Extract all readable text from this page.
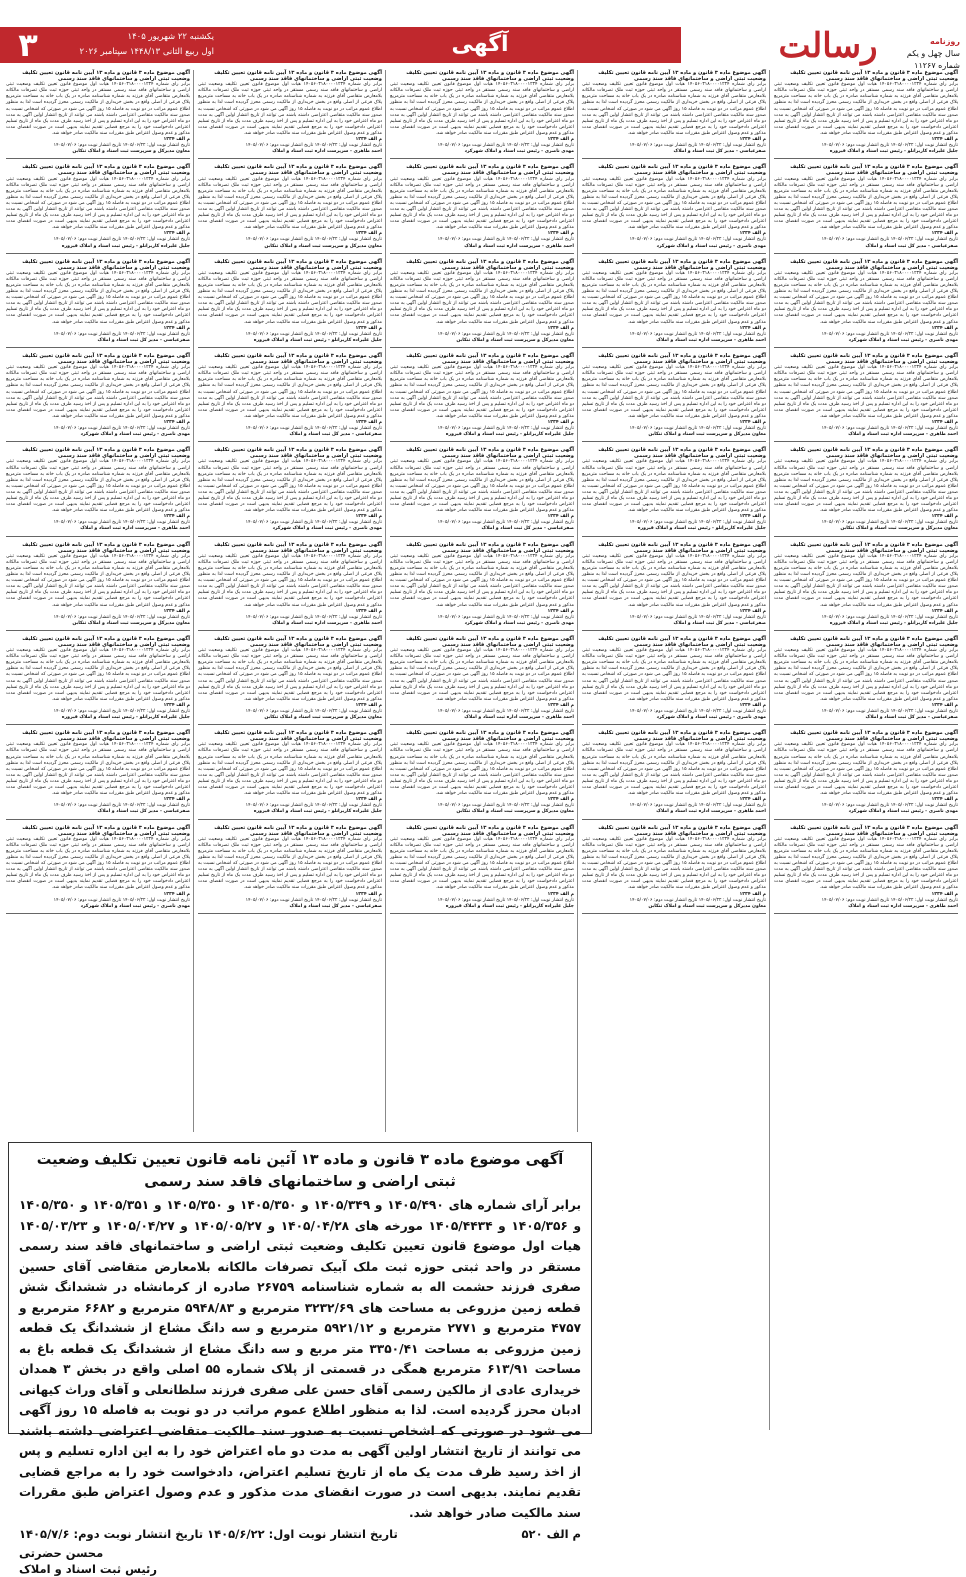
رسالت	روزنامه
سال چهل و یکم
شماره ۱۱۲۶۷
آگهی
یکشنبه ۲۲ شهریور ۱۴۰۵
اول ربیع الثانی ۱۴۴۸/۱۳ سپتامبر ۲۰۲۶
۳
آگهی موضوع ماده ۳ قانون و ماده ۱۳ آیین نامه قانون تعیین تکلیف وضعیت ثبتی اراضی و ساختمانهای فاقد سند رسمی
برابر رای شماره ۱۴۰۵۶۰۳۱۸۰۰۰۰۱۲۳۴ هیات اول موضوع قانون تعیین تکلیف وضعیت ثبتی اراضی و ساختمانهای فاقد سند رسمی مستقر در واحد ثبتی حوزه ثبت ملک تصرفات مالکانه بلامعارض متقاضی آقای فرزند به شماره شناسنامه صادره در یک باب خانه به مساحت مترمربع پلاک فرعی از اصلی واقع در بخش خریداری از مالکیت رسمی محرز گردیده است لذا به منظور اطلاع عموم مراتب در دو نوبت به فاصله ۱۵ روز آگهی می شود در صورتی که اشخاص نسبت به صدور سند مالکیت متقاضی اعتراضی داشته باشند می توانند از تاریخ انتشار اولین آگهی به مدت دو ماه اعتراض خود را به این اداره تسلیم و پس از اخذ رسید ظرف مدت یک ماه از تاریخ تسلیم اعتراض دادخواست خود را به مرجع قضایی تقدیم نمایند بدیهی است در صورت انقضای مدت مذکور و عدم وصول اعتراض طبق مقررات سند مالکیت صادر خواهد شد.
م الف ۱۲۳۴
تاریخ انتشار نوبت اول: ۱۴۰۵/۰۶/۲۲ تاریخ انتشار نوبت دوم: ۱۴۰۵/۰۷/۰۶
جلیل علیزاده کاریزانلو - رئیس ثبت اسناد و املاک فیروزه
آگهی موضوع ماده ۳ قانون و ماده ۱۳ آیین نامه قانون تعیین تکلیف وضعیت ثبتی اراضی و ساختمانهای فاقد سند رسمی
برابر رای شماره ۱۴۰۵۶۰۳۱۸۰۰۰۰۱۲۳۴ هیات اول موضوع قانون تعیین تکلیف وضعیت ثبتی اراضی و ساختمانهای فاقد سند رسمی مستقر در واحد ثبتی حوزه ثبت ملک تصرفات مالکانه بلامعارض متقاضی آقای فرزند به شماره شناسنامه صادره در یک باب خانه به مساحت مترمربع پلاک فرعی از اصلی واقع در بخش خریداری از مالکیت رسمی محرز گردیده است لذا به منظور اطلاع عموم مراتب در دو نوبت به فاصله ۱۵ روز آگهی می شود در صورتی که اشخاص نسبت به صدور سند مالکیت متقاضی اعتراضی داشته باشند می توانند از تاریخ انتشار اولین آگهی به مدت دو ماه اعتراض خود را به این اداره تسلیم و پس از اخذ رسید ظرف مدت یک ماه از تاریخ تسلیم اعتراض دادخواست خود را به مرجع قضایی تقدیم نمایند بدیهی است در صورت انقضای مدت مذکور و عدم وصول اعتراض طبق مقررات سند مالکیت صادر خواهد شد.
م الف ۱۲۳۴
تاریخ انتشار نوبت اول: ۱۴۰۵/۰۶/۲۲ تاریخ انتشار نوبت دوم: ۱۴۰۵/۰۷/۰۶
صفرعباسی - مدیر کل ثبت اسناد و املاک
آگهی موضوع ماده ۳ قانون و ماده ۱۳ آیین نامه قانون تعیین تکلیف وضعیت ثبتی اراضی و ساختمانهای فاقد سند رسمی
برابر رای شماره ۱۴۰۵۶۰۳۱۸۰۰۰۰۱۲۳۴ هیات اول موضوع قانون تعیین تکلیف وضعیت ثبتی اراضی و ساختمانهای فاقد سند رسمی مستقر در واحد ثبتی حوزه ثبت ملک تصرفات مالکانه بلامعارض متقاضی آقای فرزند به شماره شناسنامه صادره در یک باب خانه به مساحت مترمربع پلاک فرعی از اصلی واقع در بخش خریداری از مالکیت رسمی محرز گردیده است لذا به منظور اطلاع عموم مراتب در دو نوبت به فاصله ۱۵ روز آگهی می شود در صورتی که اشخاص نسبت به صدور سند مالکیت متقاضی اعتراضی داشته باشند می توانند از تاریخ انتشار اولین آگهی به مدت دو ماه اعتراض خود را به این اداره تسلیم و پس از اخذ رسید ظرف مدت یک ماه از تاریخ تسلیم اعتراض دادخواست خود را به مرجع قضایی تقدیم نمایند بدیهی است در صورت انقضای مدت مذکور و عدم وصول اعتراض طبق مقررات سند مالکیت صادر خواهد شد.
م الف ۱۲۳۴
تاریخ انتشار نوبت اول: ۱۴۰۵/۰۶/۲۲ تاریخ انتشار نوبت دوم: ۱۴۰۵/۰۷/۰۶
مهدی ناصری - رئیس ثبت اسناد و املاک شهرکرد
آگهی موضوع ماده ۳ قانون و ماده ۱۳ آیین نامه قانون تعیین تکلیف وضعیت ثبتی اراضی و ساختمانهای فاقد سند رسمی
برابر رای شماره ۱۴۰۵۶۰۳۱۸۰۰۰۰۱۲۳۴ هیات اول موضوع قانون تعیین تکلیف وضعیت ثبتی اراضی و ساختمانهای فاقد سند رسمی مستقر در واحد ثبتی حوزه ثبت ملک تصرفات مالکانه بلامعارض متقاضی آقای فرزند به شماره شناسنامه صادره در یک باب خانه به مساحت مترمربع پلاک فرعی از اصلی واقع در بخش خریداری از مالکیت رسمی محرز گردیده است لذا به منظور اطلاع عموم مراتب در دو نوبت به فاصله ۱۵ روز آگهی می شود در صورتی که اشخاص نسبت به صدور سند مالکیت متقاضی اعتراضی داشته باشند می توانند از تاریخ انتشار اولین آگهی به مدت دو ماه اعتراض خود را به این اداره تسلیم و پس از اخذ رسید ظرف مدت یک ماه از تاریخ تسلیم اعتراض دادخواست خود را به مرجع قضایی تقدیم نمایند بدیهی است در صورت انقضای مدت مذکور و عدم وصول اعتراض طبق مقررات سند مالکیت صادر خواهد شد.
م الف ۱۲۳۴
تاریخ انتشار نوبت اول: ۱۴۰۵/۰۶/۲۲ تاریخ انتشار نوبت دوم: ۱۴۰۵/۰۷/۰۶
احمد طاهری - سرپرست اداره ثبت اسناد و املاک
آگهی موضوع ماده ۳ قانون و ماده ۱۳ آیین نامه قانون تعیین تکلیف وضعیت ثبتی اراضی و ساختمانهای فاقد سند رسمی
برابر رای شماره ۱۴۰۵۶۰۳۱۸۰۰۰۰۱۲۳۴ هیات اول موضوع قانون تعیین تکلیف وضعیت ثبتی اراضی و ساختمانهای فاقد سند رسمی مستقر در واحد ثبتی حوزه ثبت ملک تصرفات مالکانه بلامعارض متقاضی آقای فرزند به شماره شناسنامه صادره در یک باب خانه به مساحت مترمربع پلاک فرعی از اصلی واقع در بخش خریداری از مالکیت رسمی محرز گردیده است لذا به منظور اطلاع عموم مراتب در دو نوبت به فاصله ۱۵ روز آگهی می شود در صورتی که اشخاص نسبت به صدور سند مالکیت متقاضی اعتراضی داشته باشند می توانند از تاریخ انتشار اولین آگهی به مدت دو ماه اعتراض خود را به این اداره تسلیم و پس از اخذ رسید ظرف مدت یک ماه از تاریخ تسلیم اعتراض دادخواست خود را به مرجع قضایی تقدیم نمایند بدیهی است در صورت انقضای مدت مذکور و عدم وصول اعتراض طبق مقررات سند مالکیت صادر خواهد شد.
م الف ۱۲۳۴
تاریخ انتشار نوبت اول: ۱۴۰۵/۰۶/۲۲ تاریخ انتشار نوبت دوم: ۱۴۰۵/۰۷/۰۶
معاون مدیرکل و سرپرست ثبت اسناد و املاک تنکابن
آگهی موضوع ماده ۳ قانون و ماده ۱۳ آیین نامه قانون تعیین تکلیف وضعیت ثبتی اراضی و ساختمانهای فاقد سند رسمی
برابر رای شماره ۱۴۰۵۶۰۳۱۸۰۰۰۰۱۲۳۴ هیات اول موضوع قانون تعیین تکلیف وضعیت ثبتی اراضی و ساختمانهای فاقد سند رسمی مستقر در واحد ثبتی حوزه ثبت ملک تصرفات مالکانه بلامعارض متقاضی آقای فرزند به شماره شناسنامه صادره در یک باب خانه به مساحت مترمربع پلاک فرعی از اصلی واقع در بخش خریداری از مالکیت رسمی محرز گردیده است لذا به منظور اطلاع عموم مراتب در دو نوبت به فاصله ۱۵ روز آگهی می شود در صورتی که اشخاص نسبت به صدور سند مالکیت متقاضی اعتراضی داشته باشند می توانند از تاریخ انتشار اولین آگهی به مدت دو ماه اعتراض خود را به این اداره تسلیم و پس از اخذ رسید ظرف مدت یک ماه از تاریخ تسلیم اعتراض دادخواست خود را به مرجع قضایی تقدیم نمایند بدیهی است در صورت انقضای مدت مذکور و عدم وصول اعتراض طبق مقررات سند مالکیت صادر خواهد شد.
م الف ۱۲۳۴
تاریخ انتشار نوبت اول: ۱۴۰۵/۰۶/۲۲ تاریخ انتشار نوبت دوم: ۱۴۰۵/۰۷/۰۶
جلیل علیزاده کاریزانلو - رئیس ثبت اسناد و املاک فیروزه
آگهی موضوع ماده ۳ قانون و ماده ۱۳ آیین نامه قانون تعیین تکلیف وضعیت ثبتی اراضی و ساختمانهای فاقد سند رسمی
برابر رای شماره ۱۴۰۵۶۰۳۱۸۰۰۰۰۱۲۳۴ هیات اول موضوع قانون تعیین تکلیف وضعیت ثبتی اراضی و ساختمانهای فاقد سند رسمی مستقر در واحد ثبتی حوزه ثبت ملک تصرفات مالکانه بلامعارض متقاضی آقای فرزند به شماره شناسنامه صادره در یک باب خانه به مساحت مترمربع پلاک فرعی از اصلی واقع در بخش خریداری از مالکیت رسمی محرز گردیده است لذا به منظور اطلاع عموم مراتب در دو نوبت به فاصله ۱۵ روز آگهی می شود در صورتی که اشخاص نسبت به صدور سند مالکیت متقاضی اعتراضی داشته باشند می توانند از تاریخ انتشار اولین آگهی به مدت دو ماه اعتراض خود را به این اداره تسلیم و پس از اخذ رسید ظرف مدت یک ماه از تاریخ تسلیم اعتراض دادخواست خود را به مرجع قضایی تقدیم نمایند بدیهی است در صورت انقضای مدت مذکور و عدم وصول اعتراض طبق مقررات سند مالکیت صادر خواهد شد.
م الف ۱۲۳۴
تاریخ انتشار نوبت اول: ۱۴۰۵/۰۶/۲۲ تاریخ انتشار نوبت دوم: ۱۴۰۵/۰۷/۰۶
صفرعباسی - مدیر کل ثبت اسناد و املاک
آگهی موضوع ماده ۳ قانون و ماده ۱۳ آیین نامه قانون تعیین تکلیف وضعیت ثبتی اراضی و ساختمانهای فاقد سند رسمی
برابر رای شماره ۱۴۰۵۶۰۳۱۸۰۰۰۰۱۲۳۴ هیات اول موضوع قانون تعیین تکلیف وضعیت ثبتی اراضی و ساختمانهای فاقد سند رسمی مستقر در واحد ثبتی حوزه ثبت ملک تصرفات مالکانه بلامعارض متقاضی آقای فرزند به شماره شناسنامه صادره در یک باب خانه به مساحت مترمربع پلاک فرعی از اصلی واقع در بخش خریداری از مالکیت رسمی محرز گردیده است لذا به منظور اطلاع عموم مراتب در دو نوبت به فاصله ۱۵ روز آگهی می شود در صورتی که اشخاص نسبت به صدور سند مالکیت متقاضی اعتراضی داشته باشند می توانند از تاریخ انتشار اولین آگهی به مدت دو ماه اعتراض خود را به این اداره تسلیم و پس از اخذ رسید ظرف مدت یک ماه از تاریخ تسلیم اعتراض دادخواست خود را به مرجع قضایی تقدیم نمایند بدیهی است در صورت انقضای مدت مذکور و عدم وصول اعتراض طبق مقررات سند مالکیت صادر خواهد شد.
م الف ۱۲۳۴
تاریخ انتشار نوبت اول: ۱۴۰۵/۰۶/۲۲ تاریخ انتشار نوبت دوم: ۱۴۰۵/۰۷/۰۶
مهدی ناصری - رئیس ثبت اسناد و املاک شهرکرد
آگهی موضوع ماده ۳ قانون و ماده ۱۳ آیین نامه قانون تعیین تکلیف وضعیت ثبتی اراضی و ساختمانهای فاقد سند رسمی
برابر رای شماره ۱۴۰۵۶۰۳۱۸۰۰۰۰۱۲۳۴ هیات اول موضوع قانون تعیین تکلیف وضعیت ثبتی اراضی و ساختمانهای فاقد سند رسمی مستقر در واحد ثبتی حوزه ثبت ملک تصرفات مالکانه بلامعارض متقاضی آقای فرزند به شماره شناسنامه صادره در یک باب خانه به مساحت مترمربع پلاک فرعی از اصلی واقع در بخش خریداری از مالکیت رسمی محرز گردیده است لذا به منظور اطلاع عموم مراتب در دو نوبت به فاصله ۱۵ روز آگهی می شود در صورتی که اشخاص نسبت به صدور سند مالکیت متقاضی اعتراضی داشته باشند می توانند از تاریخ انتشار اولین آگهی به مدت دو ماه اعتراض خود را به این اداره تسلیم و پس از اخذ رسید ظرف مدت یک ماه از تاریخ تسلیم اعتراض دادخواست خود را به مرجع قضایی تقدیم نمایند بدیهی است در صورت انقضای مدت مذکور و عدم وصول اعتراض طبق مقررات سند مالکیت صادر خواهد شد.
م الف ۱۲۳۴
تاریخ انتشار نوبت اول: ۱۴۰۵/۰۶/۲۲ تاریخ انتشار نوبت دوم: ۱۴۰۵/۰۷/۰۶
احمد طاهری - سرپرست اداره ثبت اسناد و املاک
آگهی موضوع ماده ۳ قانون و ماده ۱۳ آیین نامه قانون تعیین تکلیف وضعیت ثبتی اراضی و ساختمانهای فاقد سند رسمی
برابر رای شماره ۱۴۰۵۶۰۳۱۸۰۰۰۰۱۲۳۴ هیات اول موضوع قانون تعیین تکلیف وضعیت ثبتی اراضی و ساختمانهای فاقد سند رسمی مستقر در واحد ثبتی حوزه ثبت ملک تصرفات مالکانه بلامعارض متقاضی آقای فرزند به شماره شناسنامه صادره در یک باب خانه به مساحت مترمربع پلاک فرعی از اصلی واقع در بخش خریداری از مالکیت رسمی محرز گردیده است لذا به منظور اطلاع عموم مراتب در دو نوبت به فاصله ۱۵ روز آگهی می شود در صورتی که اشخاص نسبت به صدور سند مالکیت متقاضی اعتراضی داشته باشند می توانند از تاریخ انتشار اولین آگهی به مدت دو ماه اعتراض خود را به این اداره تسلیم و پس از اخذ رسید ظرف مدت یک ماه از تاریخ تسلیم اعتراض دادخواست خود را به مرجع قضایی تقدیم نمایند بدیهی است در صورت انقضای مدت مذکور و عدم وصول اعتراض طبق مقررات سند مالکیت صادر خواهد شد.
م الف ۱۲۳۴
تاریخ انتشار نوبت اول: ۱۴۰۵/۰۶/۲۲ تاریخ انتشار نوبت دوم: ۱۴۰۵/۰۷/۰۶
صفرعباسی - مدیر کل ثبت اسناد و املاک
آگهی موضوع ماده ۳ قانون و ماده ۱۳ آیین نامه قانون تعیین تکلیف وضعیت ثبتی اراضی و ساختمانهای فاقد سند رسمی
برابر رای شماره ۱۴۰۵۶۰۳۱۸۰۰۰۰۱۲۳۴ هیات اول موضوع قانون تعیین تکلیف وضعیت ثبتی اراضی و ساختمانهای فاقد سند رسمی مستقر در واحد ثبتی حوزه ثبت ملک تصرفات مالکانه بلامعارض متقاضی آقای فرزند به شماره شناسنامه صادره در یک باب خانه به مساحت مترمربع پلاک فرعی از اصلی واقع در بخش خریداری از مالکیت رسمی محرز گردیده است لذا به منظور اطلاع عموم مراتب در دو نوبت به فاصله ۱۵ روز آگهی می شود در صورتی که اشخاص نسبت به صدور سند مالکیت متقاضی اعتراضی داشته باشند می توانند از تاریخ انتشار اولین آگهی به مدت دو ماه اعتراض خود را به این اداره تسلیم و پس از اخذ رسید ظرف مدت یک ماه از تاریخ تسلیم اعتراض دادخواست خود را به مرجع قضایی تقدیم نمایند بدیهی است در صورت انقضای مدت مذکور و عدم وصول اعتراض طبق مقررات سند مالکیت صادر خواهد شد.
م الف ۱۲۳۴
تاریخ انتشار نوبت اول: ۱۴۰۵/۰۶/۲۲ تاریخ انتشار نوبت دوم: ۱۴۰۵/۰۷/۰۶
مهدی ناصری - رئیس ثبت اسناد و املاک شهرکرد
آگهی موضوع ماده ۳ قانون و ماده ۱۳ آیین نامه قانون تعیین تکلیف وضعیت ثبتی اراضی و ساختمانهای فاقد سند رسمی
برابر رای شماره ۱۴۰۵۶۰۳۱۸۰۰۰۰۱۲۳۴ هیات اول موضوع قانون تعیین تکلیف وضعیت ثبتی اراضی و ساختمانهای فاقد سند رسمی مستقر در واحد ثبتی حوزه ثبت ملک تصرفات مالکانه بلامعارض متقاضی آقای فرزند به شماره شناسنامه صادره در یک باب خانه به مساحت مترمربع پلاک فرعی از اصلی واقع در بخش خریداری از مالکیت رسمی محرز گردیده است لذا به منظور اطلاع عموم مراتب در دو نوبت به فاصله ۱۵ روز آگهی می شود در صورتی که اشخاص نسبت به صدور سند مالکیت متقاضی اعتراضی داشته باشند می توانند از تاریخ انتشار اولین آگهی به مدت دو ماه اعتراض خود را به این اداره تسلیم و پس از اخذ رسید ظرف مدت یک ماه از تاریخ تسلیم اعتراض دادخواست خود را به مرجع قضایی تقدیم نمایند بدیهی است در صورت انقضای مدت مذکور و عدم وصول اعتراض طبق مقررات سند مالکیت صادر خواهد شد.
م الف ۱۲۳۴
تاریخ انتشار نوبت اول: ۱۴۰۵/۰۶/۲۲ تاریخ انتشار نوبت دوم: ۱۴۰۵/۰۷/۰۶
احمد طاهری - سرپرست اداره ثبت اسناد و املاک
آگهی موضوع ماده ۳ قانون و ماده ۱۳ آیین نامه قانون تعیین تکلیف وضعیت ثبتی اراضی و ساختمانهای فاقد سند رسمی
برابر رای شماره ۱۴۰۵۶۰۳۱۸۰۰۰۰۱۲۳۴ هیات اول موضوع قانون تعیین تکلیف وضعیت ثبتی اراضی و ساختمانهای فاقد سند رسمی مستقر در واحد ثبتی حوزه ثبت ملک تصرفات مالکانه بلامعارض متقاضی آقای فرزند به شماره شناسنامه صادره در یک باب خانه به مساحت مترمربع پلاک فرعی از اصلی واقع در بخش خریداری از مالکیت رسمی محرز گردیده است لذا به منظور اطلاع عموم مراتب در دو نوبت به فاصله ۱۵ روز آگهی می شود در صورتی که اشخاص نسبت به صدور سند مالکیت متقاضی اعتراضی داشته باشند می توانند از تاریخ انتشار اولین آگهی به مدت دو ماه اعتراض خود را به این اداره تسلیم و پس از اخذ رسید ظرف مدت یک ماه از تاریخ تسلیم اعتراض دادخواست خود را به مرجع قضایی تقدیم نمایند بدیهی است در صورت انقضای مدت مذکور و عدم وصول اعتراض طبق مقررات سند مالکیت صادر خواهد شد.
م الف ۱۲۳۴
تاریخ انتشار نوبت اول: ۱۴۰۵/۰۶/۲۲ تاریخ انتشار نوبت دوم: ۱۴۰۵/۰۷/۰۶
معاون مدیرکل و سرپرست ثبت اسناد و املاک تنکابن
آگهی موضوع ماده ۳ قانون و ماده ۱۳ آیین نامه قانون تعیین تکلیف وضعیت ثبتی اراضی و ساختمانهای فاقد سند رسمی
برابر رای شماره ۱۴۰۵۶۰۳۱۸۰۰۰۰۱۲۳۴ هیات اول موضوع قانون تعیین تکلیف وضعیت ثبتی اراضی و ساختمانهای فاقد سند رسمی مستقر در واحد ثبتی حوزه ثبت ملک تصرفات مالکانه بلامعارض متقاضی آقای فرزند به شماره شناسنامه صادره در یک باب خانه به مساحت مترمربع پلاک فرعی از اصلی واقع در بخش خریداری از مالکیت رسمی محرز گردیده است لذا به منظور اطلاع عموم مراتب در دو نوبت به فاصله ۱۵ روز آگهی می شود در صورتی که اشخاص نسبت به صدور سند مالکیت متقاضی اعتراضی داشته باشند می توانند از تاریخ انتشار اولین آگهی به مدت دو ماه اعتراض خود را به این اداره تسلیم و پس از اخذ رسید ظرف مدت یک ماه از تاریخ تسلیم اعتراض دادخواست خود را به مرجع قضایی تقدیم نمایند بدیهی است در صورت انقضای مدت مذکور و عدم وصول اعتراض طبق مقررات سند مالکیت صادر خواهد شد.
م الف ۱۲۳۴
تاریخ انتشار نوبت اول: ۱۴۰۵/۰۶/۲۲ تاریخ انتشار نوبت دوم: ۱۴۰۵/۰۷/۰۶
جلیل علیزاده کاریزانلو - رئیس ثبت اسناد و املاک فیروزه
آگهی موضوع ماده ۳ قانون و ماده ۱۳ آیین نامه قانون تعیین تکلیف وضعیت ثبتی اراضی و ساختمانهای فاقد سند رسمی
برابر رای شماره ۱۴۰۵۶۰۳۱۸۰۰۰۰۱۲۳۴ هیات اول موضوع قانون تعیین تکلیف وضعیت ثبتی اراضی و ساختمانهای فاقد سند رسمی مستقر در واحد ثبتی حوزه ثبت ملک تصرفات مالکانه بلامعارض متقاضی آقای فرزند به شماره شناسنامه صادره در یک باب خانه به مساحت مترمربع پلاک فرعی از اصلی واقع در بخش خریداری از مالکیت رسمی محرز گردیده است لذا به منظور اطلاع عموم مراتب در دو نوبت به فاصله ۱۵ روز آگهی می شود در صورتی که اشخاص نسبت به صدور سند مالکیت متقاضی اعتراضی داشته باشند می توانند از تاریخ انتشار اولین آگهی به مدت دو ماه اعتراض خود را به این اداره تسلیم و پس از اخذ رسید ظرف مدت یک ماه از تاریخ تسلیم اعتراض دادخواست خود را به مرجع قضایی تقدیم نمایند بدیهی است در صورت انقضای مدت مذکور و عدم وصول اعتراض طبق مقررات سند مالکیت صادر خواهد شد.
م الف ۱۲۳۴
تاریخ انتشار نوبت اول: ۱۴۰۵/۰۶/۲۲ تاریخ انتشار نوبت دوم: ۱۴۰۵/۰۷/۰۶
صفرعباسی - مدیر کل ثبت اسناد و املاک
آگهی موضوع ماده ۳ قانون و ماده ۱۳ آیین نامه قانون تعیین تکلیف وضعیت ثبتی اراضی و ساختمانهای فاقد سند رسمی
برابر رای شماره ۱۴۰۵۶۰۳۱۸۰۰۰۰۱۲۳۴ هیات اول موضوع قانون تعیین تکلیف وضعیت ثبتی اراضی و ساختمانهای فاقد سند رسمی مستقر در واحد ثبتی حوزه ثبت ملک تصرفات مالکانه بلامعارض متقاضی آقای فرزند به شماره شناسنامه صادره در یک باب خانه به مساحت مترمربع پلاک فرعی از اصلی واقع در بخش خریداری از مالکیت رسمی محرز گردیده است لذا به منظور اطلاع عموم مراتب در دو نوبت به فاصله ۱۵ روز آگهی می شود در صورتی که اشخاص نسبت به صدور سند مالکیت متقاضی اعتراضی داشته باشند می توانند از تاریخ انتشار اولین آگهی به مدت دو ماه اعتراض خود را به این اداره تسلیم و پس از اخذ رسید ظرف مدت یک ماه از تاریخ تسلیم اعتراض دادخواست خود را به مرجع قضایی تقدیم نمایند بدیهی است در صورت انقضای مدت مذکور و عدم وصول اعتراض طبق مقررات سند مالکیت صادر خواهد شد.
م الف ۱۲۳۴
تاریخ انتشار نوبت اول: ۱۴۰۵/۰۶/۲۲ تاریخ انتشار نوبت دوم: ۱۴۰۵/۰۷/۰۶
مهدی ناصری - رئیس ثبت اسناد و املاک شهرکرد
آگهی موضوع ماده ۳ قانون و ماده ۱۳ آیین نامه قانون تعیین تکلیف وضعیت ثبتی اراضی و ساختمانهای فاقد سند رسمی
برابر رای شماره ۱۴۰۵۶۰۳۱۸۰۰۰۰۱۲۳۴ هیات اول موضوع قانون تعیین تکلیف وضعیت ثبتی اراضی و ساختمانهای فاقد سند رسمی مستقر در واحد ثبتی حوزه ثبت ملک تصرفات مالکانه بلامعارض متقاضی آقای فرزند به شماره شناسنامه صادره در یک باب خانه به مساحت مترمربع پلاک فرعی از اصلی واقع در بخش خریداری از مالکیت رسمی محرز گردیده است لذا به منظور اطلاع عموم مراتب در دو نوبت به فاصله ۱۵ روز آگهی می شود در صورتی که اشخاص نسبت به صدور سند مالکیت متقاضی اعتراضی داشته باشند می توانند از تاریخ انتشار اولین آگهی به مدت دو ماه اعتراض خود را به این اداره تسلیم و پس از اخذ رسید ظرف مدت یک ماه از تاریخ تسلیم اعتراض دادخواست خود را به مرجع قضایی تقدیم نمایند بدیهی است در صورت انقضای مدت مذکور و عدم وصول اعتراض طبق مقررات سند مالکیت صادر خواهد شد.
م الف ۱۲۳۴
تاریخ انتشار نوبت اول: ۱۴۰۵/۰۶/۲۲ تاریخ انتشار نوبت دوم: ۱۴۰۵/۰۷/۰۶
احمد طاهری - سرپرست اداره ثبت اسناد و املاک
آگهی موضوع ماده ۳ قانون و ماده ۱۳ آیین نامه قانون تعیین تکلیف وضعیت ثبتی اراضی و ساختمانهای فاقد سند رسمی
برابر رای شماره ۱۴۰۵۶۰۳۱۸۰۰۰۰۱۲۳۴ هیات اول موضوع قانون تعیین تکلیف وضعیت ثبتی اراضی و ساختمانهای فاقد سند رسمی مستقر در واحد ثبتی حوزه ثبت ملک تصرفات مالکانه بلامعارض متقاضی آقای فرزند به شماره شناسنامه صادره در یک باب خانه به مساحت مترمربع پلاک فرعی از اصلی واقع در بخش خریداری از مالکیت رسمی محرز گردیده است لذا به منظور اطلاع عموم مراتب در دو نوبت به فاصله ۱۵ روز آگهی می شود در صورتی که اشخاص نسبت به صدور سند مالکیت متقاضی اعتراضی داشته باشند می توانند از تاریخ انتشار اولین آگهی به مدت دو ماه اعتراض خود را به این اداره تسلیم و پس از اخذ رسید ظرف مدت یک ماه از تاریخ تسلیم اعتراض دادخواست خود را به مرجع قضایی تقدیم نمایند بدیهی است در صورت انقضای مدت مذکور و عدم وصول اعتراض طبق مقررات سند مالکیت صادر خواهد شد.
م الف ۱۲۳۴
تاریخ انتشار نوبت اول: ۱۴۰۵/۰۶/۲۲ تاریخ انتشار نوبت دوم: ۱۴۰۵/۰۷/۰۶
معاون مدیرکل و سرپرست ثبت اسناد و املاک تنکابن
آگهی موضوع ماده ۳ قانون و ماده ۱۳ آیین نامه قانون تعیین تکلیف وضعیت ثبتی اراضی و ساختمانهای فاقد سند رسمی
برابر رای شماره ۱۴۰۵۶۰۳۱۸۰۰۰۰۱۲۳۴ هیات اول موضوع قانون تعیین تکلیف وضعیت ثبتی اراضی و ساختمانهای فاقد سند رسمی مستقر در واحد ثبتی حوزه ثبت ملک تصرفات مالکانه بلامعارض متقاضی آقای فرزند به شماره شناسنامه صادره در یک باب خانه به مساحت مترمربع پلاک فرعی از اصلی واقع در بخش خریداری از مالکیت رسمی محرز گردیده است لذا به منظور اطلاع عموم مراتب در دو نوبت به فاصله ۱۵ روز آگهی می شود در صورتی که اشخاص نسبت به صدور سند مالکیت متقاضی اعتراضی داشته باشند می توانند از تاریخ انتشار اولین آگهی به مدت دو ماه اعتراض خود را به این اداره تسلیم و پس از اخذ رسید ظرف مدت یک ماه از تاریخ تسلیم اعتراض دادخواست خود را به مرجع قضایی تقدیم نمایند بدیهی است در صورت انقضای مدت مذکور و عدم وصول اعتراض طبق مقررات سند مالکیت صادر خواهد شد.
م الف ۱۲۳۴
تاریخ انتشار نوبت اول: ۱۴۰۵/۰۶/۲۲ تاریخ انتشار نوبت دوم: ۱۴۰۵/۰۷/۰۶
مهدی ناصری - رئیس ثبت اسناد و املاک شهرکرد
آگهی موضوع ماده ۳ قانون و ماده ۱۳ آیین نامه قانون تعیین تکلیف وضعیت ثبتی اراضی و ساختمانهای فاقد سند رسمی
برابر رای شماره ۱۴۰۵۶۰۳۱۸۰۰۰۰۱۲۳۴ هیات اول موضوع قانون تعیین تکلیف وضعیت ثبتی اراضی و ساختمانهای فاقد سند رسمی مستقر در واحد ثبتی حوزه ثبت ملک تصرفات مالکانه بلامعارض متقاضی آقای فرزند به شماره شناسنامه صادره در یک باب خانه به مساحت مترمربع پلاک فرعی از اصلی واقع در بخش خریداری از مالکیت رسمی محرز گردیده است لذا به منظور اطلاع عموم مراتب در دو نوبت به فاصله ۱۵ روز آگهی می شود در صورتی که اشخاص نسبت به صدور سند مالکیت متقاضی اعتراضی داشته باشند می توانند از تاریخ انتشار اولین آگهی به مدت دو ماه اعتراض خود را به این اداره تسلیم و پس از اخذ رسید ظرف مدت یک ماه از تاریخ تسلیم اعتراض دادخواست خود را به مرجع قضایی تقدیم نمایند بدیهی است در صورت انقضای مدت مذکور و عدم وصول اعتراض طبق مقررات سند مالکیت صادر خواهد شد.
م الف ۱۲۳۴
تاریخ انتشار نوبت اول: ۱۴۰۵/۰۶/۲۲ تاریخ انتشار نوبت دوم: ۱۴۰۵/۰۷/۰۶
احمد طاهری - سرپرست اداره ثبت اسناد و املاک
آگهی موضوع ماده ۳ قانون و ماده ۱۳ آیین نامه قانون تعیین تکلیف وضعیت ثبتی اراضی و ساختمانهای فاقد سند رسمی
برابر رای شماره ۱۴۰۵۶۰۳۱۸۰۰۰۰۱۲۳۴ هیات اول موضوع قانون تعیین تکلیف وضعیت ثبتی اراضی و ساختمانهای فاقد سند رسمی مستقر در واحد ثبتی حوزه ثبت ملک تصرفات مالکانه بلامعارض متقاضی آقای فرزند به شماره شناسنامه صادره در یک باب خانه به مساحت مترمربع پلاک فرعی از اصلی واقع در بخش خریداری از مالکیت رسمی محرز گردیده است لذا به منظور اطلاع عموم مراتب در دو نوبت به فاصله ۱۵ روز آگهی می شود در صورتی که اشخاص نسبت به صدور سند مالکیت متقاضی اعتراضی داشته باشند می توانند از تاریخ انتشار اولین آگهی به مدت دو ماه اعتراض خود را به این اداره تسلیم و پس از اخذ رسید ظرف مدت یک ماه از تاریخ تسلیم اعتراض دادخواست خود را به مرجع قضایی تقدیم نمایند بدیهی است در صورت انقضای مدت مذکور و عدم وصول اعتراض طبق مقررات سند مالکیت صادر خواهد شد.
م الف ۱۲۳۴
تاریخ انتشار نوبت اول: ۱۴۰۵/۰۶/۲۲ تاریخ انتشار نوبت دوم: ۱۴۰۵/۰۷/۰۶
معاون مدیرکل و سرپرست ثبت اسناد و املاک تنکابن
آگهی موضوع ماده ۳ قانون و ماده ۱۳ آیین نامه قانون تعیین تکلیف وضعیت ثبتی اراضی و ساختمانهای فاقد سند رسمی
برابر رای شماره ۱۴۰۵۶۰۳۱۸۰۰۰۰۱۲۳۴ هیات اول موضوع قانون تعیین تکلیف وضعیت ثبتی اراضی و ساختمانهای فاقد سند رسمی مستقر در واحد ثبتی حوزه ثبت ملک تصرفات مالکانه بلامعارض متقاضی آقای فرزند به شماره شناسنامه صادره در یک باب خانه به مساحت مترمربع پلاک فرعی از اصلی واقع در بخش خریداری از مالکیت رسمی محرز گردیده است لذا به منظور اطلاع عموم مراتب در دو نوبت به فاصله ۱۵ روز آگهی می شود در صورتی که اشخاص نسبت به صدور سند مالکیت متقاضی اعتراضی داشته باشند می توانند از تاریخ انتشار اولین آگهی به مدت دو ماه اعتراض خود را به این اداره تسلیم و پس از اخذ رسید ظرف مدت یک ماه از تاریخ تسلیم اعتراض دادخواست خود را به مرجع قضایی تقدیم نمایند بدیهی است در صورت انقضای مدت مذکور و عدم وصول اعتراض طبق مقررات سند مالکیت صادر خواهد شد.
م الف ۱۲۳۴
تاریخ انتشار نوبت اول: ۱۴۰۵/۰۶/۲۲ تاریخ انتشار نوبت دوم: ۱۴۰۵/۰۷/۰۶
جلیل علیزاده کاریزانلو - رئیس ثبت اسناد و املاک فیروزه
آگهی موضوع ماده ۳ قانون و ماده ۱۳ آیین نامه قانون تعیین تکلیف وضعیت ثبتی اراضی و ساختمانهای فاقد سند رسمی
برابر رای شماره ۱۴۰۵۶۰۳۱۸۰۰۰۰۱۲۳۴ هیات اول موضوع قانون تعیین تکلیف وضعیت ثبتی اراضی و ساختمانهای فاقد سند رسمی مستقر در واحد ثبتی حوزه ثبت ملک تصرفات مالکانه بلامعارض متقاضی آقای فرزند به شماره شناسنامه صادره در یک باب خانه به مساحت مترمربع پلاک فرعی از اصلی واقع در بخش خریداری از مالکیت رسمی محرز گردیده است لذا به منظور اطلاع عموم مراتب در دو نوبت به فاصله ۱۵ روز آگهی می شود در صورتی که اشخاص نسبت به صدور سند مالکیت متقاضی اعتراضی داشته باشند می توانند از تاریخ انتشار اولین آگهی به مدت دو ماه اعتراض خود را به این اداره تسلیم و پس از اخذ رسید ظرف مدت یک ماه از تاریخ تسلیم اعتراض دادخواست خود را به مرجع قضایی تقدیم نمایند بدیهی است در صورت انقضای مدت مذکور و عدم وصول اعتراض طبق مقررات سند مالکیت صادر خواهد شد.
م الف ۱۲۳۴
تاریخ انتشار نوبت اول: ۱۴۰۵/۰۶/۲۲ تاریخ انتشار نوبت دوم: ۱۴۰۵/۰۷/۰۶
صفرعباسی - مدیر کل ثبت اسناد و املاک
آگهی موضوع ماده ۳ قانون و ماده ۱۳ آیین نامه قانون تعیین تکلیف وضعیت ثبتی اراضی و ساختمانهای فاقد سند رسمی
برابر رای شماره ۱۴۰۵۶۰۳۱۸۰۰۰۰۱۲۳۴ هیات اول موضوع قانون تعیین تکلیف وضعیت ثبتی اراضی و ساختمانهای فاقد سند رسمی مستقر در واحد ثبتی حوزه ثبت ملک تصرفات مالکانه بلامعارض متقاضی آقای فرزند به شماره شناسنامه صادره در یک باب خانه به مساحت مترمربع پلاک فرعی از اصلی واقع در بخش خریداری از مالکیت رسمی محرز گردیده است لذا به منظور اطلاع عموم مراتب در دو نوبت به فاصله ۱۵ روز آگهی می شود در صورتی که اشخاص نسبت به صدور سند مالکیت متقاضی اعتراضی داشته باشند می توانند از تاریخ انتشار اولین آگهی به مدت دو ماه اعتراض خود را به این اداره تسلیم و پس از اخذ رسید ظرف مدت یک ماه از تاریخ تسلیم اعتراض دادخواست خود را به مرجع قضایی تقدیم نمایند بدیهی است در صورت انقضای مدت مذکور و عدم وصول اعتراض طبق مقررات سند مالکیت صادر خواهد شد.
م الف ۱۲۳۴
تاریخ انتشار نوبت اول: ۱۴۰۵/۰۶/۲۲ تاریخ انتشار نوبت دوم: ۱۴۰۵/۰۷/۰۶
مهدی ناصری - رئیس ثبت اسناد و املاک شهرکرد
آگهی موضوع ماده ۳ قانون و ماده ۱۳ آیین نامه قانون تعیین تکلیف وضعیت ثبتی اراضی و ساختمانهای فاقد سند رسمی
برابر رای شماره ۱۴۰۵۶۰۳۱۸۰۰۰۰۱۲۳۴ هیات اول موضوع قانون تعیین تکلیف وضعیت ثبتی اراضی و ساختمانهای فاقد سند رسمی مستقر در واحد ثبتی حوزه ثبت ملک تصرفات مالکانه بلامعارض متقاضی آقای فرزند به شماره شناسنامه صادره در یک باب خانه به مساحت مترمربع پلاک فرعی از اصلی واقع در بخش خریداری از مالکیت رسمی محرز گردیده است لذا به منظور اطلاع عموم مراتب در دو نوبت به فاصله ۱۵ روز آگهی می شود در صورتی که اشخاص نسبت به صدور سند مالکیت متقاضی اعتراضی داشته باشند می توانند از تاریخ انتشار اولین آگهی به مدت دو ماه اعتراض خود را به این اداره تسلیم و پس از اخذ رسید ظرف مدت یک ماه از تاریخ تسلیم اعتراض دادخواست خود را به مرجع قضایی تقدیم نمایند بدیهی است در صورت انقضای مدت مذکور و عدم وصول اعتراض طبق مقررات سند مالکیت صادر خواهد شد.
م الف ۱۲۳۴
تاریخ انتشار نوبت اول: ۱۴۰۵/۰۶/۲۲ تاریخ انتشار نوبت دوم: ۱۴۰۵/۰۷/۰۶
احمد طاهری - سرپرست اداره ثبت اسناد و املاک
آگهی موضوع ماده ۳ قانون و ماده ۱۳ آیین نامه قانون تعیین تکلیف وضعیت ثبتی اراضی و ساختمانهای فاقد سند رسمی
برابر رای شماره ۱۴۰۵۶۰۳۱۸۰۰۰۰۱۲۳۴ هیات اول موضوع قانون تعیین تکلیف وضعیت ثبتی اراضی و ساختمانهای فاقد سند رسمی مستقر در واحد ثبتی حوزه ثبت ملک تصرفات مالکانه بلامعارض متقاضی آقای فرزند به شماره شناسنامه صادره در یک باب خانه به مساحت مترمربع پلاک فرعی از اصلی واقع در بخش خریداری از مالکیت رسمی محرز گردیده است لذا به منظور اطلاع عموم مراتب در دو نوبت به فاصله ۱۵ روز آگهی می شود در صورتی که اشخاص نسبت به صدور سند مالکیت متقاضی اعتراضی داشته باشند می توانند از تاریخ انتشار اولین آگهی به مدت دو ماه اعتراض خود را به این اداره تسلیم و پس از اخذ رسید ظرف مدت یک ماه از تاریخ تسلیم اعتراض دادخواست خود را به مرجع قضایی تقدیم نمایند بدیهی است در صورت انقضای مدت مذکور و عدم وصول اعتراض طبق مقررات سند مالکیت صادر خواهد شد.
م الف ۱۲۳۴
تاریخ انتشار نوبت اول: ۱۴۰۵/۰۶/۲۲ تاریخ انتشار نوبت دوم: ۱۴۰۵/۰۷/۰۶
معاون مدیرکل و سرپرست ثبت اسناد و املاک تنکابن
آگهی موضوع ماده ۳ قانون و ماده ۱۳ آیین نامه قانون تعیین تکلیف وضعیت ثبتی اراضی و ساختمانهای فاقد سند رسمی
برابر رای شماره ۱۴۰۵۶۰۳۱۸۰۰۰۰۱۲۳۴ هیات اول موضوع قانون تعیین تکلیف وضعیت ثبتی اراضی و ساختمانهای فاقد سند رسمی مستقر در واحد ثبتی حوزه ثبت ملک تصرفات مالکانه بلامعارض متقاضی آقای فرزند به شماره شناسنامه صادره در یک باب خانه به مساحت مترمربع پلاک فرعی از اصلی واقع در بخش خریداری از مالکیت رسمی محرز گردیده است لذا به منظور اطلاع عموم مراتب در دو نوبت به فاصله ۱۵ روز آگهی می شود در صورتی که اشخاص نسبت به صدور سند مالکیت متقاضی اعتراضی داشته باشند می توانند از تاریخ انتشار اولین آگهی به مدت دو ماه اعتراض خود را به این اداره تسلیم و پس از اخذ رسید ظرف مدت یک ماه از تاریخ تسلیم اعتراض دادخواست خود را به مرجع قضایی تقدیم نمایند بدیهی است در صورت انقضای مدت مذکور و عدم وصول اعتراض طبق مقررات سند مالکیت صادر خواهد شد.
م الف ۱۲۳۴
تاریخ انتشار نوبت اول: ۱۴۰۵/۰۶/۲۲ تاریخ انتشار نوبت دوم: ۱۴۰۵/۰۷/۰۶
جلیل علیزاده کاریزانلو - رئیس ثبت اسناد و املاک فیروزه
آگهی موضوع ماده ۳ قانون و ماده ۱۳ آیین نامه قانون تعیین تکلیف وضعیت ثبتی اراضی و ساختمانهای فاقد سند رسمی
برابر رای شماره ۱۴۰۵۶۰۳۱۸۰۰۰۰۱۲۳۴ هیات اول موضوع قانون تعیین تکلیف وضعیت ثبتی اراضی و ساختمانهای فاقد سند رسمی مستقر در واحد ثبتی حوزه ثبت ملک تصرفات مالکانه بلامعارض متقاضی آقای فرزند به شماره شناسنامه صادره در یک باب خانه به مساحت مترمربع پلاک فرعی از اصلی واقع در بخش خریداری از مالکیت رسمی محرز گردیده است لذا به منظور اطلاع عموم مراتب در دو نوبت به فاصله ۱۵ روز آگهی می شود در صورتی که اشخاص نسبت به صدور سند مالکیت متقاضی اعتراضی داشته باشند می توانند از تاریخ انتشار اولین آگهی به مدت دو ماه اعتراض خود را به این اداره تسلیم و پس از اخذ رسید ظرف مدت یک ماه از تاریخ تسلیم اعتراض دادخواست خود را به مرجع قضایی تقدیم نمایند بدیهی است در صورت انقضای مدت مذکور و عدم وصول اعتراض طبق مقررات سند مالکیت صادر خواهد شد.
م الف ۱۲۳۴
تاریخ انتشار نوبت اول: ۱۴۰۵/۰۶/۲۲ تاریخ انتشار نوبت دوم: ۱۴۰۵/۰۷/۰۶
احمد طاهری - سرپرست اداره ثبت اسناد و املاک
آگهی موضوع ماده ۳ قانون و ماده ۱۳ آیین نامه قانون تعیین تکلیف وضعیت ثبتی اراضی و ساختمانهای فاقد سند رسمی
برابر رای شماره ۱۴۰۵۶۰۳۱۸۰۰۰۰۱۲۳۴ هیات اول موضوع قانون تعیین تکلیف وضعیت ثبتی اراضی و ساختمانهای فاقد سند رسمی مستقر در واحد ثبتی حوزه ثبت ملک تصرفات مالکانه بلامعارض متقاضی آقای فرزند به شماره شناسنامه صادره در یک باب خانه به مساحت مترمربع پلاک فرعی از اصلی واقع در بخش خریداری از مالکیت رسمی محرز گردیده است لذا به منظور اطلاع عموم مراتب در دو نوبت به فاصله ۱۵ روز آگهی می شود در صورتی که اشخاص نسبت به صدور سند مالکیت متقاضی اعتراضی داشته باشند می توانند از تاریخ انتشار اولین آگهی به مدت دو ماه اعتراض خود را به این اداره تسلیم و پس از اخذ رسید ظرف مدت یک ماه از تاریخ تسلیم اعتراض دادخواست خود را به مرجع قضایی تقدیم نمایند بدیهی است در صورت انقضای مدت مذکور و عدم وصول اعتراض طبق مقررات سند مالکیت صادر خواهد شد.
م الف ۱۲۳۴
تاریخ انتشار نوبت اول: ۱۴۰۵/۰۶/۲۲ تاریخ انتشار نوبت دوم: ۱۴۰۵/۰۷/۰۶
معاون مدیرکل و سرپرست ثبت اسناد و املاک تنکابن
آگهی موضوع ماده ۳ قانون و ماده ۱۳ آیین نامه قانون تعیین تکلیف وضعیت ثبتی اراضی و ساختمانهای فاقد سند رسمی
برابر رای شماره ۱۴۰۵۶۰۳۱۸۰۰۰۰۱۲۳۴ هیات اول موضوع قانون تعیین تکلیف وضعیت ثبتی اراضی و ساختمانهای فاقد سند رسمی مستقر در واحد ثبتی حوزه ثبت ملک تصرفات مالکانه بلامعارض متقاضی آقای فرزند به شماره شناسنامه صادره در یک باب خانه به مساحت مترمربع پلاک فرعی از اصلی واقع در بخش خریداری از مالکیت رسمی محرز گردیده است لذا به منظور اطلاع عموم مراتب در دو نوبت به فاصله ۱۵ روز آگهی می شود در صورتی که اشخاص نسبت به صدور سند مالکیت متقاضی اعتراضی داشته باشند می توانند از تاریخ انتشار اولین آگهی به مدت دو ماه اعتراض خود را به این اداره تسلیم و پس از اخذ رسید ظرف مدت یک ماه از تاریخ تسلیم اعتراض دادخواست خود را به مرجع قضایی تقدیم نمایند بدیهی است در صورت انقضای مدت مذکور و عدم وصول اعتراض طبق مقررات سند مالکیت صادر خواهد شد.
م الف ۱۲۳۴
تاریخ انتشار نوبت اول: ۱۴۰۵/۰۶/۲۲ تاریخ انتشار نوبت دوم: ۱۴۰۵/۰۷/۰۶
جلیل علیزاده کاریزانلو - رئیس ثبت اسناد و املاک فیروزه
آگهی موضوع ماده ۳ قانون و ماده ۱۳ آیین نامه قانون تعیین تکلیف وضعیت ثبتی اراضی و ساختمانهای فاقد سند رسمی
برابر رای شماره ۱۴۰۵۶۰۳۱۸۰۰۰۰۱۲۳۴ هیات اول موضوع قانون تعیین تکلیف وضعیت ثبتی اراضی و ساختمانهای فاقد سند رسمی مستقر در واحد ثبتی حوزه ثبت ملک تصرفات مالکانه بلامعارض متقاضی آقای فرزند به شماره شناسنامه صادره در یک باب خانه به مساحت مترمربع پلاک فرعی از اصلی واقع در بخش خریداری از مالکیت رسمی محرز گردیده است لذا به منظور اطلاع عموم مراتب در دو نوبت به فاصله ۱۵ روز آگهی می شود در صورتی که اشخاص نسبت به صدور سند مالکیت متقاضی اعتراضی داشته باشند می توانند از تاریخ انتشار اولین آگهی به مدت دو ماه اعتراض خود را به این اداره تسلیم و پس از اخذ رسید ظرف مدت یک ماه از تاریخ تسلیم اعتراض دادخواست خود را به مرجع قضایی تقدیم نمایند بدیهی است در صورت انقضای مدت مذکور و عدم وصول اعتراض طبق مقررات سند مالکیت صادر خواهد شد.
م الف ۱۲۳۴
تاریخ انتشار نوبت اول: ۱۴۰۵/۰۶/۲۲ تاریخ انتشار نوبت دوم: ۱۴۰۵/۰۷/۰۶
صفرعباسی - مدیر کل ثبت اسناد و املاک
آگهی موضوع ماده ۳ قانون و ماده ۱۳ آیین نامه قانون تعیین تکلیف وضعیت ثبتی اراضی و ساختمانهای فاقد سند رسمی
برابر رای شماره ۱۴۰۵۶۰۳۱۸۰۰۰۰۱۲۳۴ هیات اول موضوع قانون تعیین تکلیف وضعیت ثبتی اراضی و ساختمانهای فاقد سند رسمی مستقر در واحد ثبتی حوزه ثبت ملک تصرفات مالکانه بلامعارض متقاضی آقای فرزند به شماره شناسنامه صادره در یک باب خانه به مساحت مترمربع پلاک فرعی از اصلی واقع در بخش خریداری از مالکیت رسمی محرز گردیده است لذا به منظور اطلاع عموم مراتب در دو نوبت به فاصله ۱۵ روز آگهی می شود در صورتی که اشخاص نسبت به صدور سند مالکیت متقاضی اعتراضی داشته باشند می توانند از تاریخ انتشار اولین آگهی به مدت دو ماه اعتراض خود را به این اداره تسلیم و پس از اخذ رسید ظرف مدت یک ماه از تاریخ تسلیم اعتراض دادخواست خود را به مرجع قضایی تقدیم نمایند بدیهی است در صورت انقضای مدت مذکور و عدم وصول اعتراض طبق مقررات سند مالکیت صادر خواهد شد.
م الف ۱۲۳۴
تاریخ انتشار نوبت اول: ۱۴۰۵/۰۶/۲۲ تاریخ انتشار نوبت دوم: ۱۴۰۵/۰۷/۰۶
مهدی ناصری - رئیس ثبت اسناد و املاک شهرکرد
آگهی موضوع ماده ۳ قانون و ماده ۱۳ آیین نامه قانون تعیین تکلیف وضعیت ثبتی اراضی و ساختمانهای فاقد سند رسمی
برابر رای شماره ۱۴۰۵۶۰۳۱۸۰۰۰۰۱۲۳۴ هیات اول موضوع قانون تعیین تکلیف وضعیت ثبتی اراضی و ساختمانهای فاقد سند رسمی مستقر در واحد ثبتی حوزه ثبت ملک تصرفات مالکانه بلامعارض متقاضی آقای فرزند به شماره شناسنامه صادره در یک باب خانه به مساحت مترمربع پلاک فرعی از اصلی واقع در بخش خریداری از مالکیت رسمی محرز گردیده است لذا به منظور اطلاع عموم مراتب در دو نوبت به فاصله ۱۵ روز آگهی می شود در صورتی که اشخاص نسبت به صدور سند مالکیت متقاضی اعتراضی داشته باشند می توانند از تاریخ انتشار اولین آگهی به مدت دو ماه اعتراض خود را به این اداره تسلیم و پس از اخذ رسید ظرف مدت یک ماه از تاریخ تسلیم اعتراض دادخواست خود را به مرجع قضایی تقدیم نمایند بدیهی است در صورت انقضای مدت مذکور و عدم وصول اعتراض طبق مقررات سند مالکیت صادر خواهد شد.
م الف ۱۲۳۴
تاریخ انتشار نوبت اول: ۱۴۰۵/۰۶/۲۲ تاریخ انتشار نوبت دوم: ۱۴۰۵/۰۷/۰۶
احمد طاهری - سرپرست اداره ثبت اسناد و املاک
آگهی موضوع ماده ۳ قانون و ماده ۱۳ آیین نامه قانون تعیین تکلیف وضعیت ثبتی اراضی و ساختمانهای فاقد سند رسمی
برابر رای شماره ۱۴۰۵۶۰۳۱۸۰۰۰۰۱۲۳۴ هیات اول موضوع قانون تعیین تکلیف وضعیت ثبتی اراضی و ساختمانهای فاقد سند رسمی مستقر در واحد ثبتی حوزه ثبت ملک تصرفات مالکانه بلامعارض متقاضی آقای فرزند به شماره شناسنامه صادره در یک باب خانه به مساحت مترمربع پلاک فرعی از اصلی واقع در بخش خریداری از مالکیت رسمی محرز گردیده است لذا به منظور اطلاع عموم مراتب در دو نوبت به فاصله ۱۵ روز آگهی می شود در صورتی که اشخاص نسبت به صدور سند مالکیت متقاضی اعتراضی داشته باشند می توانند از تاریخ انتشار اولین آگهی به مدت دو ماه اعتراض خود را به این اداره تسلیم و پس از اخذ رسید ظرف مدت یک ماه از تاریخ تسلیم اعتراض دادخواست خود را به مرجع قضایی تقدیم نمایند بدیهی است در صورت انقضای مدت مذکور و عدم وصول اعتراض طبق مقررات سند مالکیت صادر خواهد شد.
م الف ۱۲۳۴
تاریخ انتشار نوبت اول: ۱۴۰۵/۰۶/۲۲ تاریخ انتشار نوبت دوم: ۱۴۰۵/۰۷/۰۶
معاون مدیرکل و سرپرست ثبت اسناد و املاک تنکابن
آگهی موضوع ماده ۳ قانون و ماده ۱۳ آیین نامه قانون تعیین تکلیف وضعیت ثبتی اراضی و ساختمانهای فاقد سند رسمی
برابر رای شماره ۱۴۰۵۶۰۳۱۸۰۰۰۰۱۲۳۴ هیات اول موضوع قانون تعیین تکلیف وضعیت ثبتی اراضی و ساختمانهای فاقد سند رسمی مستقر در واحد ثبتی حوزه ثبت ملک تصرفات مالکانه بلامعارض متقاضی آقای فرزند به شماره شناسنامه صادره در یک باب خانه به مساحت مترمربع پلاک فرعی از اصلی واقع در بخش خریداری از مالکیت رسمی محرز گردیده است لذا به منظور اطلاع عموم مراتب در دو نوبت به فاصله ۱۵ روز آگهی می شود در صورتی که اشخاص نسبت به صدور سند مالکیت متقاضی اعتراضی داشته باشند می توانند از تاریخ انتشار اولین آگهی به مدت دو ماه اعتراض خود را به این اداره تسلیم و پس از اخذ رسید ظرف مدت یک ماه از تاریخ تسلیم اعتراض دادخواست خود را به مرجع قضایی تقدیم نمایند بدیهی است در صورت انقضای مدت مذکور و عدم وصول اعتراض طبق مقررات سند مالکیت صادر خواهد شد.
م الف ۱۲۳۴
تاریخ انتشار نوبت اول: ۱۴۰۵/۰۶/۲۲ تاریخ انتشار نوبت دوم: ۱۴۰۵/۰۷/۰۶
جلیل علیزاده کاریزانلو - رئیس ثبت اسناد و املاک فیروزه
آگهی موضوع ماده ۳ قانون و ماده ۱۳ آیین نامه قانون تعیین تکلیف وضعیت ثبتی اراضی و ساختمانهای فاقد سند رسمی
برابر رای شماره ۱۴۰۵۶۰۳۱۸۰۰۰۰۱۲۳۴ هیات اول موضوع قانون تعیین تکلیف وضعیت ثبتی اراضی و ساختمانهای فاقد سند رسمی مستقر در واحد ثبتی حوزه ثبت ملک تصرفات مالکانه بلامعارض متقاضی آقای فرزند به شماره شناسنامه صادره در یک باب خانه به مساحت مترمربع پلاک فرعی از اصلی واقع در بخش خریداری از مالکیت رسمی محرز گردیده است لذا به منظور اطلاع عموم مراتب در دو نوبت به فاصله ۱۵ روز آگهی می شود در صورتی که اشخاص نسبت به صدور سند مالکیت متقاضی اعتراضی داشته باشند می توانند از تاریخ انتشار اولین آگهی به مدت دو ماه اعتراض خود را به این اداره تسلیم و پس از اخذ رسید ظرف مدت یک ماه از تاریخ تسلیم اعتراض دادخواست خود را به مرجع قضایی تقدیم نمایند بدیهی است در صورت انقضای مدت مذکور و عدم وصول اعتراض طبق مقررات سند مالکیت صادر خواهد شد.
م الف ۱۲۳۴
تاریخ انتشار نوبت اول: ۱۴۰۵/۰۶/۲۲ تاریخ انتشار نوبت دوم: ۱۴۰۵/۰۷/۰۶
صفرعباسی - مدیر کل ثبت اسناد و املاک
آگهی موضوع ماده ۳ قانون و ماده ۱۳ آیین نامه قانون تعیین تکلیف وضعیت ثبتی اراضی و ساختمانهای فاقد سند رسمی
برابر رای شماره ۱۴۰۵۶۰۳۱۸۰۰۰۰۱۲۳۴ هیات اول موضوع قانون تعیین تکلیف وضعیت ثبتی اراضی و ساختمانهای فاقد سند رسمی مستقر در واحد ثبتی حوزه ثبت ملک تصرفات مالکانه بلامعارض متقاضی آقای فرزند به شماره شناسنامه صادره در یک باب خانه به مساحت مترمربع پلاک فرعی از اصلی واقع در بخش خریداری از مالکیت رسمی محرز گردیده است لذا به منظور اطلاع عموم مراتب در دو نوبت به فاصله ۱۵ روز آگهی می شود در صورتی که اشخاص نسبت به صدور سند مالکیت متقاضی اعتراضی داشته باشند می توانند از تاریخ انتشار اولین آگهی به مدت دو ماه اعتراض خود را به این اداره تسلیم و پس از اخذ رسید ظرف مدت یک ماه از تاریخ تسلیم اعتراض دادخواست خود را به مرجع قضایی تقدیم نمایند بدیهی است در صورت انقضای مدت مذکور و عدم وصول اعتراض طبق مقررات سند مالکیت صادر خواهد شد.
م الف ۱۲۳۴
تاریخ انتشار نوبت اول: ۱۴۰۵/۰۶/۲۲ تاریخ انتشار نوبت دوم: ۱۴۰۵/۰۷/۰۶
معاون مدیرکل و سرپرست ثبت اسناد و املاک تنکابن
آگهی موضوع ماده ۳ قانون و ماده ۱۳ آیین نامه قانون تعیین تکلیف وضعیت ثبتی اراضی و ساختمانهای فاقد سند رسمی
برابر رای شماره ۱۴۰۵۶۰۳۱۸۰۰۰۰۱۲۳۴ هیات اول موضوع قانون تعیین تکلیف وضعیت ثبتی اراضی و ساختمانهای فاقد سند رسمی مستقر در واحد ثبتی حوزه ثبت ملک تصرفات مالکانه بلامعارض متقاضی آقای فرزند به شماره شناسنامه صادره در یک باب خانه به مساحت مترمربع پلاک فرعی از اصلی واقع در بخش خریداری از مالکیت رسمی محرز گردیده است لذا به منظور اطلاع عموم مراتب در دو نوبت به فاصله ۱۵ روز آگهی می شود در صورتی که اشخاص نسبت به صدور سند مالکیت متقاضی اعتراضی داشته باشند می توانند از تاریخ انتشار اولین آگهی به مدت دو ماه اعتراض خود را به این اداره تسلیم و پس از اخذ رسید ظرف مدت یک ماه از تاریخ تسلیم اعتراض دادخواست خود را به مرجع قضایی تقدیم نمایند بدیهی است در صورت انقضای مدت مذکور و عدم وصول اعتراض طبق مقررات سند مالکیت صادر خواهد شد.
م الف ۱۲۳۴
تاریخ انتشار نوبت اول: ۱۴۰۵/۰۶/۲۲ تاریخ انتشار نوبت دوم: ۱۴۰۵/۰۷/۰۶
جلیل علیزاده کاریزانلو - رئیس ثبت اسناد و املاک فیروزه
آگهی موضوع ماده ۳ قانون و ماده ۱۳ آیین نامه قانون تعیین تکلیف وضعیت ثبتی اراضی و ساختمانهای فاقد سند رسمی
برابر رای شماره ۱۴۰۵۶۰۳۱۸۰۰۰۰۱۲۳۴ هیات اول موضوع قانون تعیین تکلیف وضعیت ثبتی اراضی و ساختمانهای فاقد سند رسمی مستقر در واحد ثبتی حوزه ثبت ملک تصرفات مالکانه بلامعارض متقاضی آقای فرزند به شماره شناسنامه صادره در یک باب خانه به مساحت مترمربع پلاک فرعی از اصلی واقع در بخش خریداری از مالکیت رسمی محرز گردیده است لذا به منظور اطلاع عموم مراتب در دو نوبت به فاصله ۱۵ روز آگهی می شود در صورتی که اشخاص نسبت به صدور سند مالکیت متقاضی اعتراضی داشته باشند می توانند از تاریخ انتشار اولین آگهی به مدت دو ماه اعتراض خود را به این اداره تسلیم و پس از اخذ رسید ظرف مدت یک ماه از تاریخ تسلیم اعتراض دادخواست خود را به مرجع قضایی تقدیم نمایند بدیهی است در صورت انقضای مدت مذکور و عدم وصول اعتراض طبق مقررات سند مالکیت صادر خواهد شد.
م الف ۱۲۳۴
تاریخ انتشار نوبت اول: ۱۴۰۵/۰۶/۲۲ تاریخ انتشار نوبت دوم: ۱۴۰۵/۰۷/۰۶
صفرعباسی - مدیر کل ثبت اسناد و املاک
آگهی موضوع ماده ۳ قانون و ماده ۱۳ آیین نامه قانون تعیین تکلیف وضعیت ثبتی اراضی و ساختمانهای فاقد سند رسمی
برابر رای شماره ۱۴۰۵۶۰۳۱۸۰۰۰۰۱۲۳۴ هیات اول موضوع قانون تعیین تکلیف وضعیت ثبتی اراضی و ساختمانهای فاقد سند رسمی مستقر در واحد ثبتی حوزه ثبت ملک تصرفات مالکانه بلامعارض متقاضی آقای فرزند به شماره شناسنامه صادره در یک باب خانه به مساحت مترمربع پلاک فرعی از اصلی واقع در بخش خریداری از مالکیت رسمی محرز گردیده است لذا به منظور اطلاع عموم مراتب در دو نوبت به فاصله ۱۵ روز آگهی می شود در صورتی که اشخاص نسبت به صدور سند مالکیت متقاضی اعتراضی داشته باشند می توانند از تاریخ انتشار اولین آگهی به مدت دو ماه اعتراض خود را به این اداره تسلیم و پس از اخذ رسید ظرف مدت یک ماه از تاریخ تسلیم اعتراض دادخواست خود را به مرجع قضایی تقدیم نمایند بدیهی است در صورت انقضای مدت مذکور و عدم وصول اعتراض طبق مقررات سند مالکیت صادر خواهد شد.
م الف ۱۲۳۴
تاریخ انتشار نوبت اول: ۱۴۰۵/۰۶/۲۲ تاریخ انتشار نوبت دوم: ۱۴۰۵/۰۷/۰۶
مهدی ناصری - رئیس ثبت اسناد و املاک شهرکرد
آگهی موضوع ماده ۳ قانون و ماده ۱۳ آیین نامه قانون تعیین تکلیف وضعیت ثبتی اراضی و ساختمانهای فاقد سند رسمی
برابر رای شماره ۱۴۰۵۶۰۳۱۸۰۰۰۰۱۲۳۴ هیات اول موضوع قانون تعیین تکلیف وضعیت ثبتی اراضی و ساختمانهای فاقد سند رسمی مستقر در واحد ثبتی حوزه ثبت ملک تصرفات مالکانه بلامعارض متقاضی آقای فرزند به شماره شناسنامه صادره در یک باب خانه به مساحت مترمربع پلاک فرعی از اصلی واقع در بخش خریداری از مالکیت رسمی محرز گردیده است لذا به منظور اطلاع عموم مراتب در دو نوبت به فاصله ۱۵ روز آگهی می شود در صورتی که اشخاص نسبت به صدور سند مالکیت متقاضی اعتراضی داشته باشند می توانند از تاریخ انتشار اولین آگهی به مدت دو ماه اعتراض خود را به این اداره تسلیم و پس از اخذ رسید ظرف مدت یک ماه از تاریخ تسلیم اعتراض دادخواست خود را به مرجع قضایی تقدیم نمایند بدیهی است در صورت انقضای مدت مذکور و عدم وصول اعتراض طبق مقررات سند مالکیت صادر خواهد شد.
م الف ۱۲۳۴
تاریخ انتشار نوبت اول: ۱۴۰۵/۰۶/۲۲ تاریخ انتشار نوبت دوم: ۱۴۰۵/۰۷/۰۶
احمد طاهری - سرپرست اداره ثبت اسناد و املاک
آگهی موضوع ماده ۳ قانون و ماده ۱۳ آیین نامه قانون تعیین تکلیف وضعیت ثبتی اراضی و ساختمانهای فاقد سند رسمی
برابر رای شماره ۱۴۰۵۶۰۳۱۸۰۰۰۰۱۲۳۴ هیات اول موضوع قانون تعیین تکلیف وضعیت ثبتی اراضی و ساختمانهای فاقد سند رسمی مستقر در واحد ثبتی حوزه ثبت ملک تصرفات مالکانه بلامعارض متقاضی آقای فرزند به شماره شناسنامه صادره در یک باب خانه به مساحت مترمربع پلاک فرعی از اصلی واقع در بخش خریداری از مالکیت رسمی محرز گردیده است لذا به منظور اطلاع عموم مراتب در دو نوبت به فاصله ۱۵ روز آگهی می شود در صورتی که اشخاص نسبت به صدور سند مالکیت متقاضی اعتراضی داشته باشند می توانند از تاریخ انتشار اولین آگهی به مدت دو ماه اعتراض خود را به این اداره تسلیم و پس از اخذ رسید ظرف مدت یک ماه از تاریخ تسلیم اعتراض دادخواست خود را به مرجع قضایی تقدیم نمایند بدیهی است در صورت انقضای مدت مذکور و عدم وصول اعتراض طبق مقررات سند مالکیت صادر خواهد شد.
م الف ۱۲۳۴
تاریخ انتشار نوبت اول: ۱۴۰۵/۰۶/۲۲ تاریخ انتشار نوبت دوم: ۱۴۰۵/۰۷/۰۶
معاون مدیرکل و سرپرست ثبت اسناد و املاک تنکابن
آگهی موضوع ماده ۳ قانون و ماده ۱۳ آیین نامه قانون تعیین تکلیف وضعیت ثبتی اراضی و ساختمانهای فاقد سند رسمی
برابر رای شماره ۱۴۰۵۶۰۳۱۸۰۰۰۰۱۲۳۴ هیات اول موضوع قانون تعیین تکلیف وضعیت ثبتی اراضی و ساختمانهای فاقد سند رسمی مستقر در واحد ثبتی حوزه ثبت ملک تصرفات مالکانه بلامعارض متقاضی آقای فرزند به شماره شناسنامه صادره در یک باب خانه به مساحت مترمربع پلاک فرعی از اصلی واقع در بخش خریداری از مالکیت رسمی محرز گردیده است لذا به منظور اطلاع عموم مراتب در دو نوبت به فاصله ۱۵ روز آگهی می شود در صورتی که اشخاص نسبت به صدور سند مالکیت متقاضی اعتراضی داشته باشند می توانند از تاریخ انتشار اولین آگهی به مدت دو ماه اعتراض خود را به این اداره تسلیم و پس از اخذ رسید ظرف مدت یک ماه از تاریخ تسلیم اعتراض دادخواست خود را به مرجع قضایی تقدیم نمایند بدیهی است در صورت انقضای مدت مذکور و عدم وصول اعتراض طبق مقررات سند مالکیت صادر خواهد شد.
م الف ۱۲۳۴
تاریخ انتشار نوبت اول: ۱۴۰۵/۰۶/۲۲ تاریخ انتشار نوبت دوم: ۱۴۰۵/۰۷/۰۶
جلیل علیزاده کاریزانلو - رئیس ثبت اسناد و املاک فیروزه
آگهی موضوع ماده ۳ قانون و ماده ۱۳ آیین نامه قانون تعیین تکلیف وضعیت ثبتی اراضی و ساختمانهای فاقد سند رسمی
برابر رای شماره ۱۴۰۵۶۰۳۱۸۰۰۰۰۱۲۳۴ هیات اول موضوع قانون تعیین تکلیف وضعیت ثبتی اراضی و ساختمانهای فاقد سند رسمی مستقر در واحد ثبتی حوزه ثبت ملک تصرفات مالکانه بلامعارض متقاضی آقای فرزند به شماره شناسنامه صادره در یک باب خانه به مساحت مترمربع پلاک فرعی از اصلی واقع در بخش خریداری از مالکیت رسمی محرز گردیده است لذا به منظور اطلاع عموم مراتب در دو نوبت به فاصله ۱۵ روز آگهی می شود در صورتی که اشخاص نسبت به صدور سند مالکیت متقاضی اعتراضی داشته باشند می توانند از تاریخ انتشار اولین آگهی به مدت دو ماه اعتراض خود را به این اداره تسلیم و پس از اخذ رسید ظرف مدت یک ماه از تاریخ تسلیم اعتراض دادخواست خود را به مرجع قضایی تقدیم نمایند بدیهی است در صورت انقضای مدت مذکور و عدم وصول اعتراض طبق مقررات سند مالکیت صادر خواهد شد.
م الف ۱۲۳۴
تاریخ انتشار نوبت اول: ۱۴۰۵/۰۶/۲۲ تاریخ انتشار نوبت دوم: ۱۴۰۵/۰۷/۰۶
صفرعباسی - مدیر کل ثبت اسناد و املاک
آگهی موضوع ماده ۳ قانون و ماده ۱۳ آیین نامه قانون تعیین تکلیف وضعیت ثبتی اراضی و ساختمانهای فاقد سند رسمی
برابر رای شماره ۱۴۰۵۶۰۳۱۸۰۰۰۰۱۲۳۴ هیات اول موضوع قانون تعیین تکلیف وضعیت ثبتی اراضی و ساختمانهای فاقد سند رسمی مستقر در واحد ثبتی حوزه ثبت ملک تصرفات مالکانه بلامعارض متقاضی آقای فرزند به شماره شناسنامه صادره در یک باب خانه به مساحت مترمربع پلاک فرعی از اصلی واقع در بخش خریداری از مالکیت رسمی محرز گردیده است لذا به منظور اطلاع عموم مراتب در دو نوبت به فاصله ۱۵ روز آگهی می شود در صورتی که اشخاص نسبت به صدور سند مالکیت متقاضی اعتراضی داشته باشند می توانند از تاریخ انتشار اولین آگهی به مدت دو ماه اعتراض خود را به این اداره تسلیم و پس از اخذ رسید ظرف مدت یک ماه از تاریخ تسلیم اعتراض دادخواست خود را به مرجع قضایی تقدیم نمایند بدیهی است در صورت انقضای مدت مذکور و عدم وصول اعتراض طبق مقررات سند مالکیت صادر خواهد شد.
م الف ۱۲۳۴
تاریخ انتشار نوبت اول: ۱۴۰۵/۰۶/۲۲ تاریخ انتشار نوبت دوم: ۱۴۰۵/۰۷/۰۶
مهدی ناصری - رئیس ثبت اسناد و املاک شهرکرد
آگهی موضوع ماده ۳ قانون و ماده ۱۳ آئین نامه قانون تعیین تکلیف وضعیت ثبتی اراضی و ساختمانهای فاقد سند رسمی
برابر آرای شماره های ۱۴۰۵/۴۹۰ و ۱۴۰۵/۳۴۹ و ۱۴۰۵/۳۵۰ و ۱۴۰۵/۳۵۰ و ۱۴۰۵/۳۵۱ و ۱۴۰۵/۳۵۰ و ۱۴۰۵/۳۵۶ و ۱۴۰۵/۴۴۳۴ مورخه های ۱۴۰۵/۰۴/۲۸ و ۱۴۰۵/۰۵/۲۷ و ۱۴۰۵/۰۴/۲۷ و ۱۴۰۵/۰۳/۲۳ هیات اول موضوع قانون تعیین تکلیف وضعیت ثبتی اراضی و ساختمانهای فاقد سند رسمی مستقر در واحد ثبتی حوزه ثبت ملک آبیک تصرفات مالکانه بلامعارض متقاضی آقای حسین صفری فرزند حشمت اله به شماره شناسنامه ۲۶۷۵۹ صادره از کرمانشاه در ششدانگ شش قطعه زمین مزروعی به مساحت های ۳۲۳۲/۶۹ مترمربع و ۵۹۴۸/۸۳ مترمربع و ۶۶۸۲ مترمربع و ۴۷۵۷ مترمربع و ۲۷۷۱ مترمربع و ۵۹۲۱/۱۲ مترمربع و سه دانگ مشاع از ششدانگ یک قطعه زمین مزروعی به مساحت ۳۳۵۰/۴۱ متر مربع و سه دانگ مشاع از ششدانگ یک قطعه باغ به مساحت ۶۱۳/۹۱ مترمربع همگی در قسمتی از پلاک شماره ۵۵ اصلی واقع در بخش ۳ همدان خریداری عادی از مالکین رسمی آقای حسن علی صفری فرزند سلطانعلی و آقای وراث کیهانی ادبان محرز گردیده است. لذا به منظور اطلاع عموم مراتب در دو نوبت به فاصله ۱۵ روز آگهی می شود در صورتی که اشخاص نسبت به صدور سند مالکیت متقاضی اعتراضی داشته باشند می توانند از تاریخ انتشار اولین آگهی به مدت دو ماه اعتراض خود را به این اداره تسلیم و پس از اخذ رسید ظرف مدت یک ماه از تاریخ تسلیم اعتراض، دادخواست خود را به مراجع قضایی تقدیم نمایند. بدیهی است در صورت انقضای مدت مذکور و عدم وصول اعتراض طبق مقررات سند مالکیت صادر خواهد شد.
م الف ۵۲۰
تاریخ انتشار نوبت اول: ۱۴۰۵/۶/۲۲ تاریخ انتشار نوبت دوم: ۱۴۰۵/۷/۶
محسن حضرتی
رئیس ثبت اسناد و املاک
